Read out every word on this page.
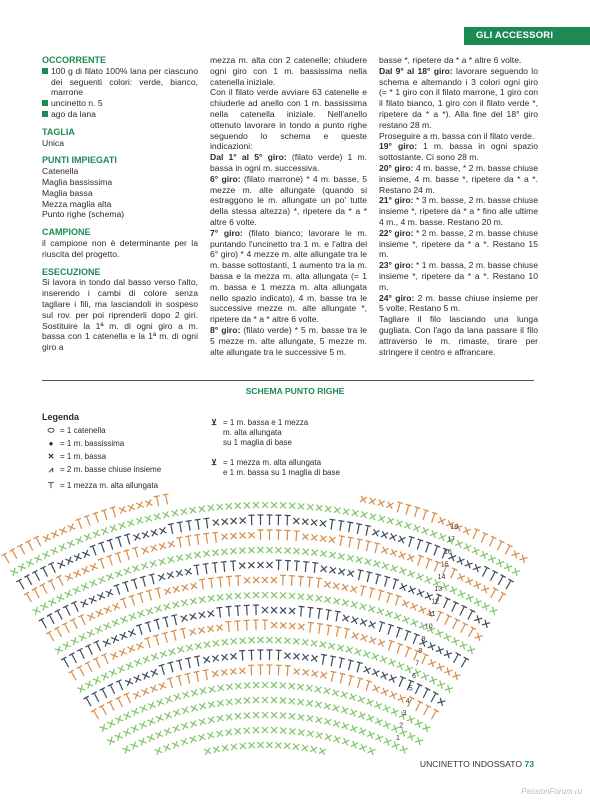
GLI ACCESSORI
OCCORRENTE
100 g di filato 100% lana per ciascuno dei seguenti colori: verde, bianco, marrone
uncinetto n. 5
ago da lana
TAGLIA

Unica

PUNTI IMPIEGATI

Catenella

Maglia bassissima

Maglia bassa

Mezza maglia alta

Punto righe (schema)

CAMPIONE

il campione non è determinante per la riuscita del progetto.

ESECUZIONE

Si lavora in tondo dal basso verso l'alto, inserendo i cambi di colore senza tagliare i fili, ma lasciandoli in sospeso sul rov. per poi riprenderli dopo 2 giri. Sostituire la 1ª m. di ogni giro a m. bassa con 1 catenella e la 1ª m. di ogni giro a

mezza m. alta con 2 catenelle; chiudere ogni giro con 1 m. bassissima nella catenella iniziale.

Con il filato verde avviare 63 catenelle e chiuderle ad anello con 1 m. bassissima nella catenella iniziale. Nell'anello ottenuto lavorare in tondo a punto righe seguendo lo schema e queste indicazioni:

Dal 1° al 5° giro: (filato verde) 1 m. bassa in ogni m. successiva.

6° giro: (filato marrone) * 4 m. basse, 5 mezze m. alte allungate (quando si estraggono le m. allungate un po' tutte della stessa altezza) *, ripetere da * a * altre 6 volte.

7° giro: (filato bianco; lavorare le m. puntando l'uncinetto tra 1 m. e l'altra del 6° giro) * 4 mezze m. alte allungate tra le m. basse sottostanti, 1 aumento tra la m. bassa e la mezza m. alta allungata (= 1 m. bassa e 1 mezza m. alta allungata nello spazio indicato), 4 m. basse tra le successive mezze m. alte allungate *, ripetere da * a * altre 6 volte.

8° giro: (filato verde) * 5 m. basse tra le 5 mezze m. alte allungate, 5 mezze m. alte allungate tra le successive 5 m.

basse *, ripetere da * a * altre 6 volte.

Dal 9° al 18° giro: lavorare seguendo lo schema e alternando i 3 colori ogni giro (= * 1 giro con il filato marrone, 1 giro con il filato bianco, 1 giro con il filato verde *, ripetere da * a *). Alla fine del 18° giro restano 28 m.

Proseguire a m. bassa con il filato verde.

19° giro: 1 m. bassa in ogni spazio sottostante. Ci sono 28 m.

20° giro: 4 m. basse, * 2 m. basse chiuse insieme, 4 m. basse *, ripetere da * a *. Restano 24 m.

21° giro: * 3 m. basse, 2 m. basse chiuse insieme *, ripetere da * a * fino alle ultime 4 m., 4 m. basse. Restano 20 m.

22° giro: * 2 m. basse, 2 m. basse chiuse insieme *, ripetere da * a *. Restano 15 m.

23° giro: * 1 m. bassa, 2 m. basse chiuse insieme *, ripetere da * a *. Restano 10 m.

24° giro: 2 m. basse chiuse insieme per 5 volte. Restano 5 m.

Tagliare il filo lasciando una lunga gugliata. Con l'ago da lana passare il filo attraverso le m. rimaste, tirare per stringere il centro e affrancare.

SCHEMA PUNTO RIGHE
Legenda
⬭ = 1 catenella
● = 1 m. bassissima
✕ = 1 m. bassa
⩘ = 2 m. basse chiuse insieme
⊤ = 1 mezza m. alta allungata
⊻ = 1 m. bassa e 1 mezza
m. alta allungata
su 1 maglia di base
⊻ = 1 mezza m. alta allungata
e 1 m. bassa su 1 maglia di base
1
2
3
4
5
6
7
8
9
10
11
12
13
14
15
16
17
18
UNCINETTO INDOSSATO 73
PassionForum.ru
